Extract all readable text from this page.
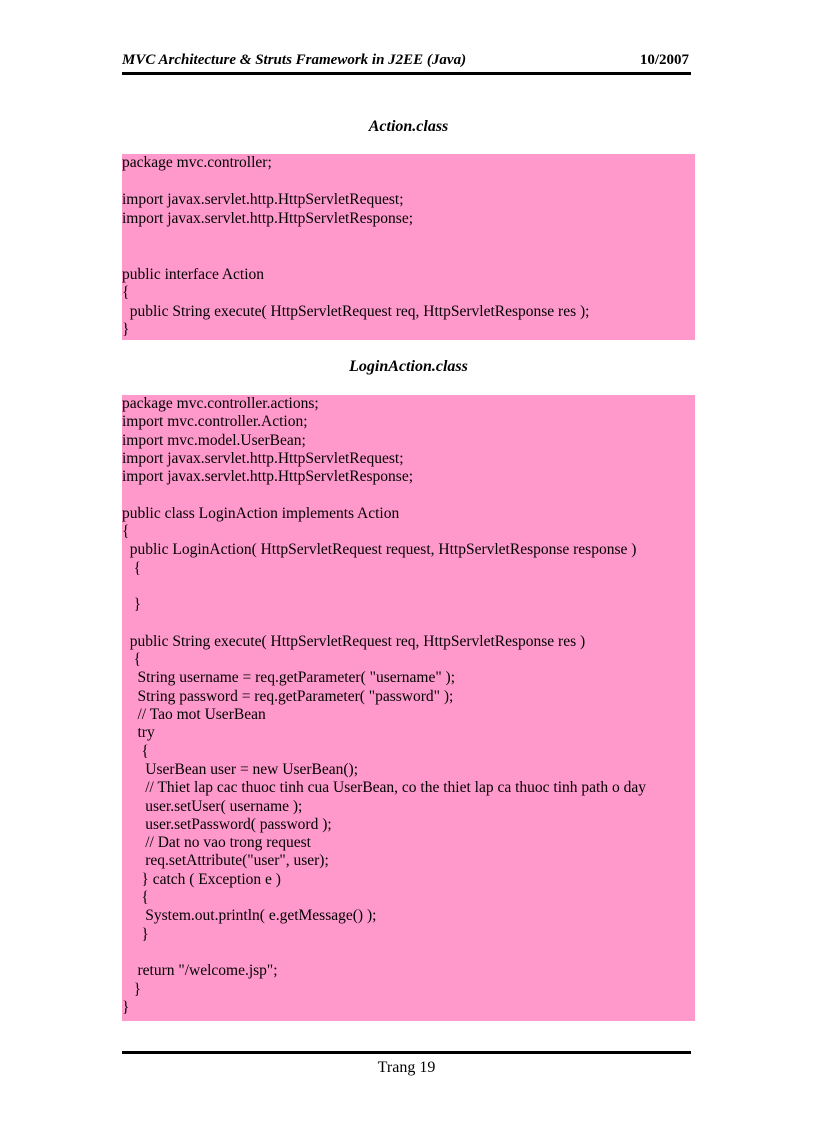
MVC Architecture & Struts Framework in J2EE (Java)	10/2007
Action.class
package mvc.controller;
import javax.servlet.http.HttpServletRequest;
import javax.servlet.http.HttpServletResponse;
public interface Action
{
public String execute( HttpServletRequest req, HttpServletResponse res );
}
LoginAction.class
package mvc.controller.actions;
import mvc.controller.Action;
import mvc.model.UserBean;
import javax.servlet.http.HttpServletRequest;
import javax.servlet.http.HttpServletResponse;
public class LoginAction implements Action
{
public LoginAction( HttpServletRequest request, HttpServletResponse response )
{
}
public String execute( HttpServletRequest req, HttpServletResponse res )
{
String username = req.getParameter( "username" );
String password = req.getParameter( "password" );
// Tao mot UserBean
try
{
UserBean user = new UserBean();
// Thiet lap cac thuoc tinh cua UserBean, co the thiet lap ca thuoc tinh path o day
user.setUser( username );
user.setPassword( password );
// Dat no vao trong request
req.setAttribute("user", user);
} catch ( Exception e )
{
System.out.println( e.getMessage() );
}
return "/welcome.jsp";
}
}
Trang 19
